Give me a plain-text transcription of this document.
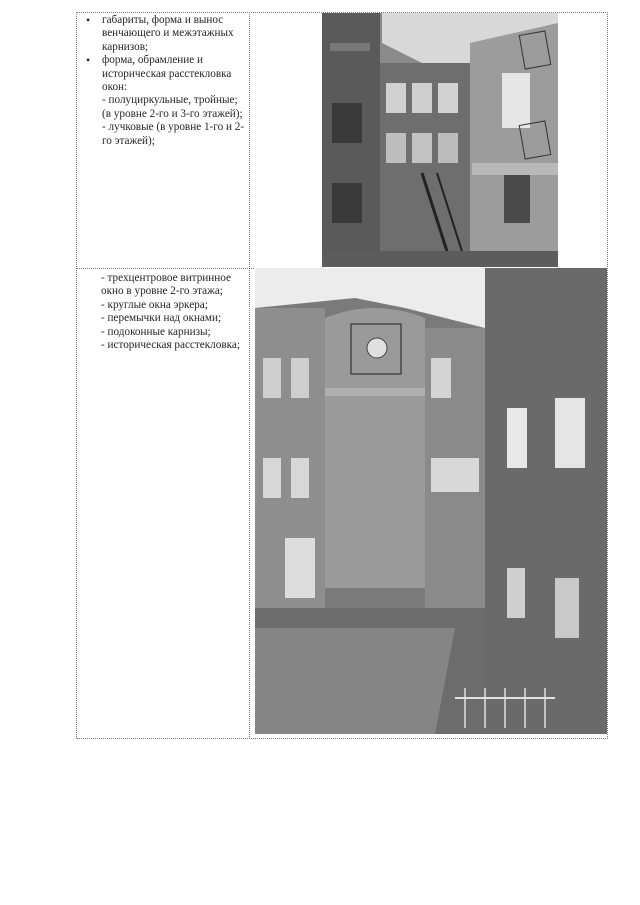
• габариты, форма и вынос венчающего и межэтажных карнизов;
• форма, обрамление и историческая расстекловка окон:
- полуциркульные, тройные; (в уровне 2-го и 3-го этажей);
- лучковые (в уровне 1-го и 2-го этажей);
- трехцентровое витринное окно в уровне 2-го этажа;
- круглые окна эркера;
- перемычки над окнами;
- подоконные карнизы;
- историческая расстекловка;
